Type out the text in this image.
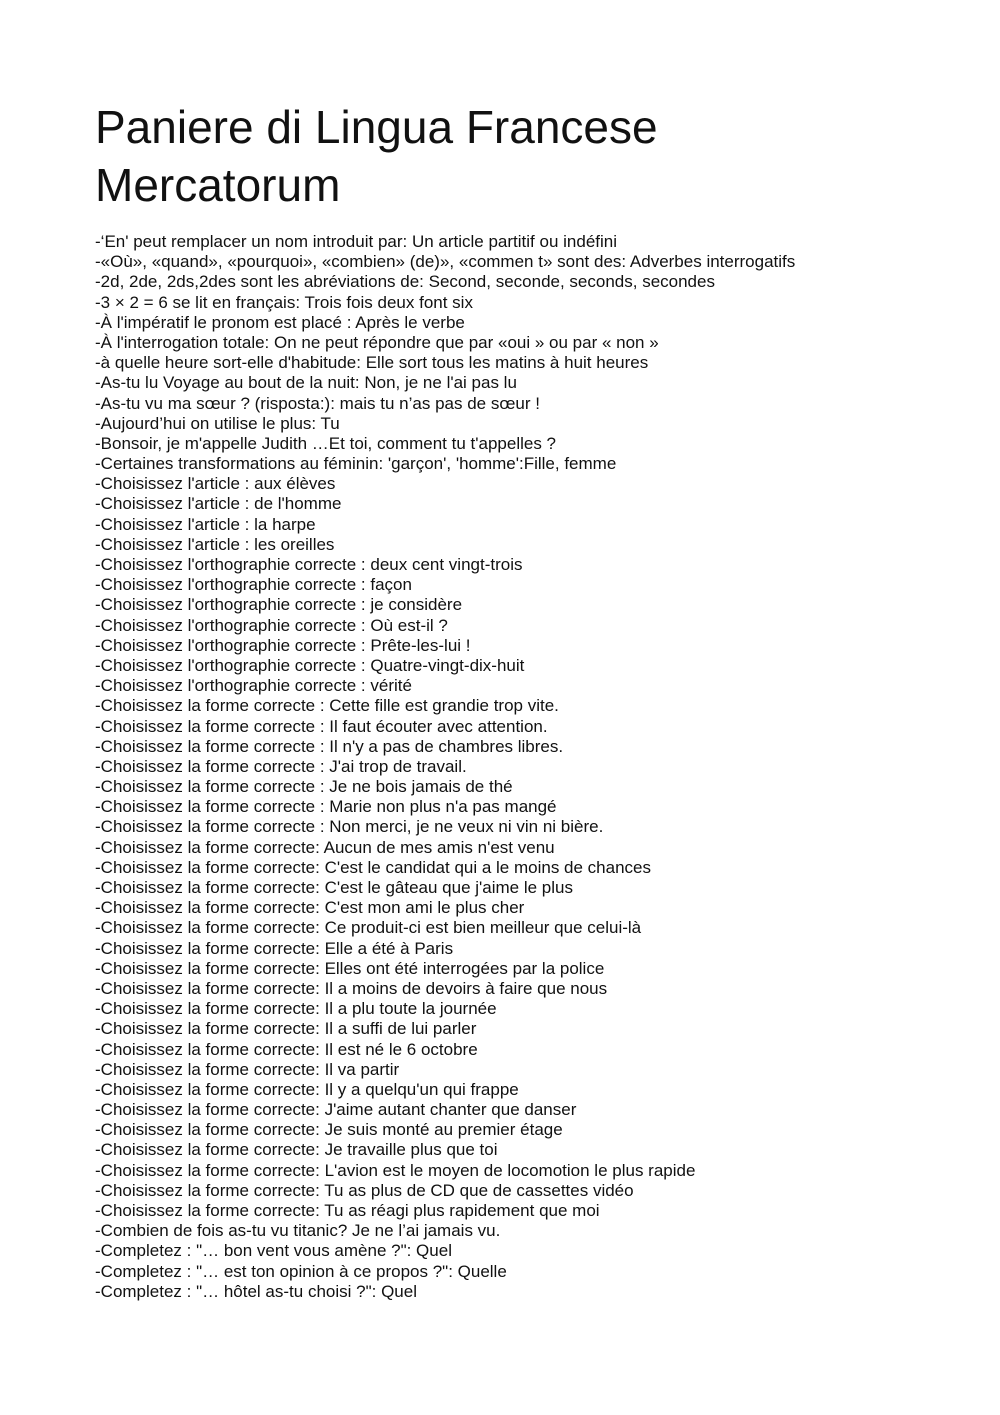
Paniere di Lingua Francese
Mercatorum
-‘En' peut remplacer un nom introduit par: Un article partitif ou indéfini
-«Où», «quand», «pourquoi», «combien» (de)», «commen t» sont des: Adverbes interrogatifs
-2d, 2de, 2ds,2des sont les abréviations de: Second, seconde, seconds, secondes
-3 × 2 = 6 se lit en français: Trois fois deux font six
-À l'impératif le pronom est placé : Après le verbe
-À l'interrogation totale: On ne peut répondre que par «oui » ou par « non »
-à quelle heure sort-elle d'habitude: Elle sort tous les matins à huit heures
-As-tu lu Voyage au bout de la nuit: Non, je ne l'ai pas lu
-As-tu vu ma sœur ? (risposta:): mais tu n’as pas de sœur !
-Aujourd’hui on utilise le plus: Tu
-Bonsoir, je m'appelle Judith …Et toi, comment tu t'appelles ?
-Certaines transformations au féminin: 'garçon', 'homme':Fille, femme
-Choisissez l'article : aux élèves
-Choisissez l'article : de l'homme
-Choisissez l'article : la harpe
-Choisissez l'article : les oreilles
-Choisissez l'orthographie correcte : deux cent vingt-trois
-Choisissez l'orthographie correcte : façon
-Choisissez l'orthographie correcte : je considère
-Choisissez l'orthographie correcte : Où est-il ?
-Choisissez l'orthographie correcte : Prête-les-lui !
-Choisissez l'orthographie correcte : Quatre-vingt-dix-huit
-Choisissez l'orthographie correcte : vérité
-Choisissez la forme correcte : Cette fille est grandie trop vite.
-Choisissez la forme correcte : Il faut écouter avec attention.
-Choisissez la forme correcte : Il n'y a pas de chambres libres.
-Choisissez la forme correcte : J'ai trop de travail.
-Choisissez la forme correcte : Je ne bois jamais de thé
-Choisissez la forme correcte : Marie non plus n'a pas mangé
-Choisissez la forme correcte : Non merci, je ne veux ni vin ni bière.
-Choisissez la forme correcte: Aucun de mes amis n'est venu
-Choisissez la forme correcte: C'est le candidat qui a le moins de chances
-Choisissez la forme correcte: C'est le gâteau que j'aime le plus
-Choisissez la forme correcte: C'est mon ami le plus cher
-Choisissez la forme correcte: Ce produit-ci est bien meilleur que celui-là
-Choisissez la forme correcte: Elle a été à Paris
-Choisissez la forme correcte: Elles ont été interrogées par la police
-Choisissez la forme correcte: Il a moins de devoirs à faire que nous
-Choisissez la forme correcte: Il a plu toute la journée
-Choisissez la forme correcte: Il a suffi de lui parler
-Choisissez la forme correcte: Il est né le 6 octobre
-Choisissez la forme correcte: Il va partir
-Choisissez la forme correcte: Il y a quelqu'un qui frappe
-Choisissez la forme correcte: J'aime autant chanter que danser
-Choisissez la forme correcte: Je suis monté au premier étage
-Choisissez la forme correcte: Je travaille plus que toi
-Choisissez la forme correcte: L'avion est le moyen de locomotion le plus rapide
-Choisissez la forme correcte: Tu as plus de CD que de cassettes vidéo
-Choisissez la forme correcte: Tu as réagi plus rapidement que moi
-Combien de fois as-tu vu titanic? Je ne l’ai jamais vu.
-Completez : "… bon vent vous amène ?": Quel
-Completez : "… est ton opinion à ce propos ?": Quelle
-Completez : "… hôtel as-tu choisi ?": Quel
